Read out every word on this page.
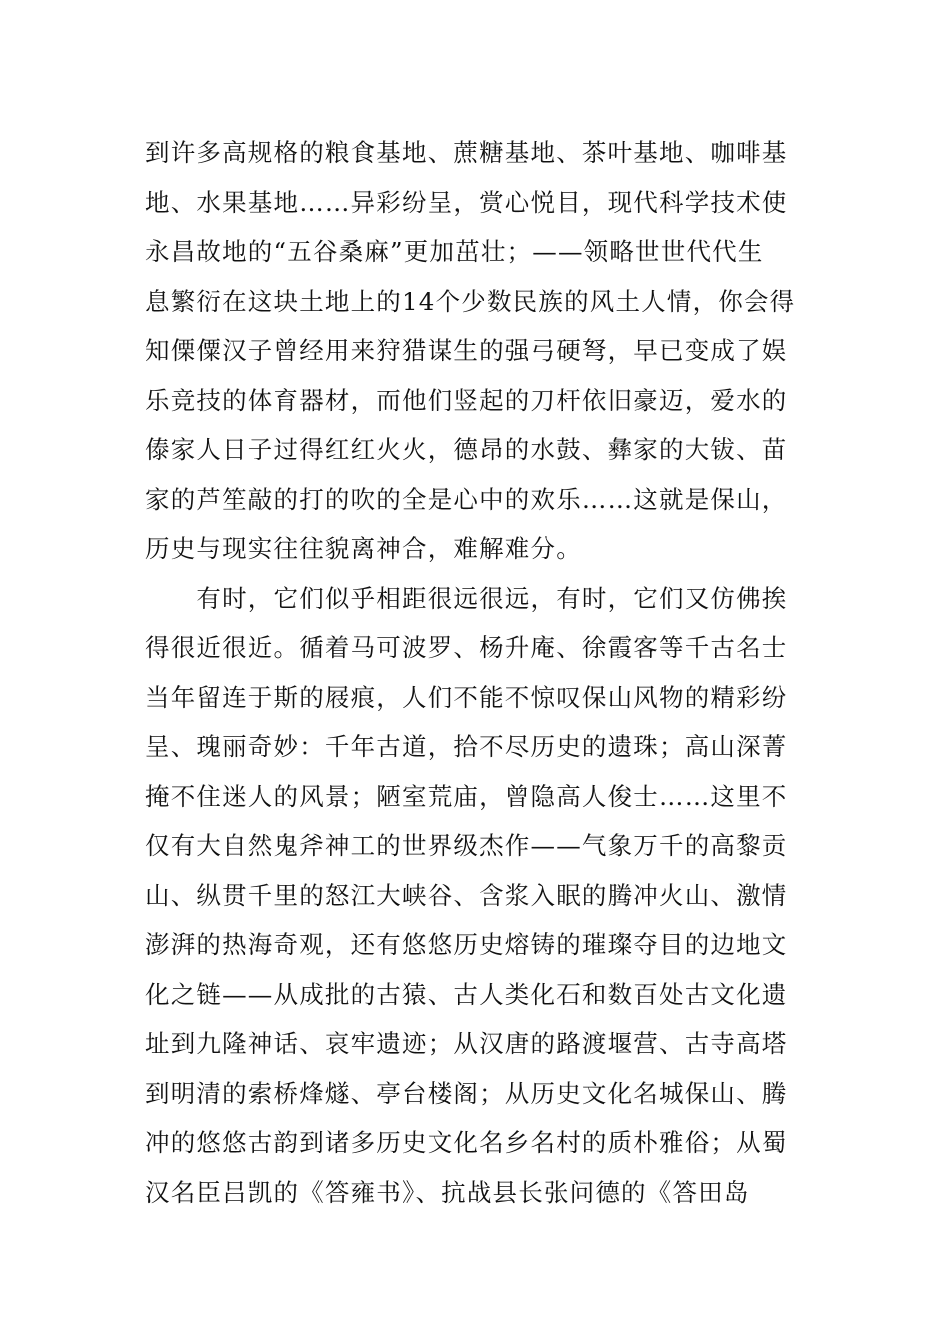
到许多高规格的粮食基地、蔗糖基地、茶叶基地、咖啡基
地、水果基地……异彩纷呈，赏心悦目，现代科学技术使
永昌故地的“五谷桑麻”更加茁壮；——领略世世代代生
息繁衍在这块土地上的14个少数民族的风土人情，你会得
知傈僳汉子曾经用来狩猎谋生的强弓硬弩，早已变成了娱
乐竞技的体育器材，而他们竖起的刀杆依旧豪迈，爱水的
傣家人日子过得红红火火，德昂的水鼓、彝家的大钹、苗
家的芦笙敲的打的吹的全是心中的欢乐……这就是保山，
历史与现实往往貌离神合，难解难分。
　　有时，它们似乎相距很远很远，有时，它们又仿佛挨
得很近很近。循着马可波罗、杨升庵、徐霞客等千古名士
当年留连于斯的屐痕，人们不能不惊叹保山风物的精彩纷
呈、瑰丽奇妙：千年古道，拾不尽历史的遗珠；高山深菁
掩不住迷人的风景；陋室荒庙，曾隐高人俊士……这里不
仅有大自然鬼斧神工的世界级杰作——气象万千的高黎贡
山、纵贯千里的怒江大峡谷、含浆入眠的腾冲火山、激情
澎湃的热海奇观，还有悠悠历史熔铸的璀璨夺目的边地文
化之链——从成批的古猿、古人类化石和数百处古文化遗
址到九隆神话、哀牢遗迹；从汉唐的路渡堰营、古寺高塔
到明清的索桥烽燧、亭台楼阁；从历史文化名城保山、腾
冲的悠悠古韵到诸多历史文化名乡名村的质朴雅俗；从蜀
汉名臣吕凯的《答雍书》、抗战县长张问德的《答田岛
